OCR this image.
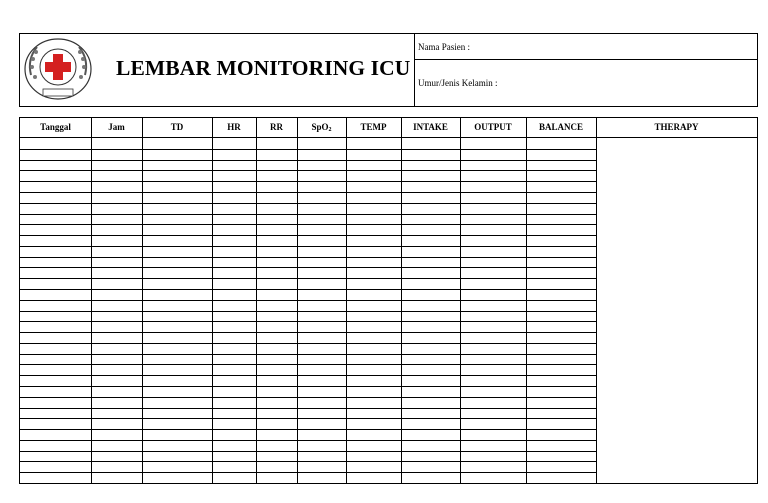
LEMBAR MONITORING ICU
Nama Pasien :
Umur/Jenis Kelamin :
Tanggal	Jam	TD	HR	RR	SpO$_2$	TEMP	INTAKE	OUTPUT	BALANCE	THERAPY
